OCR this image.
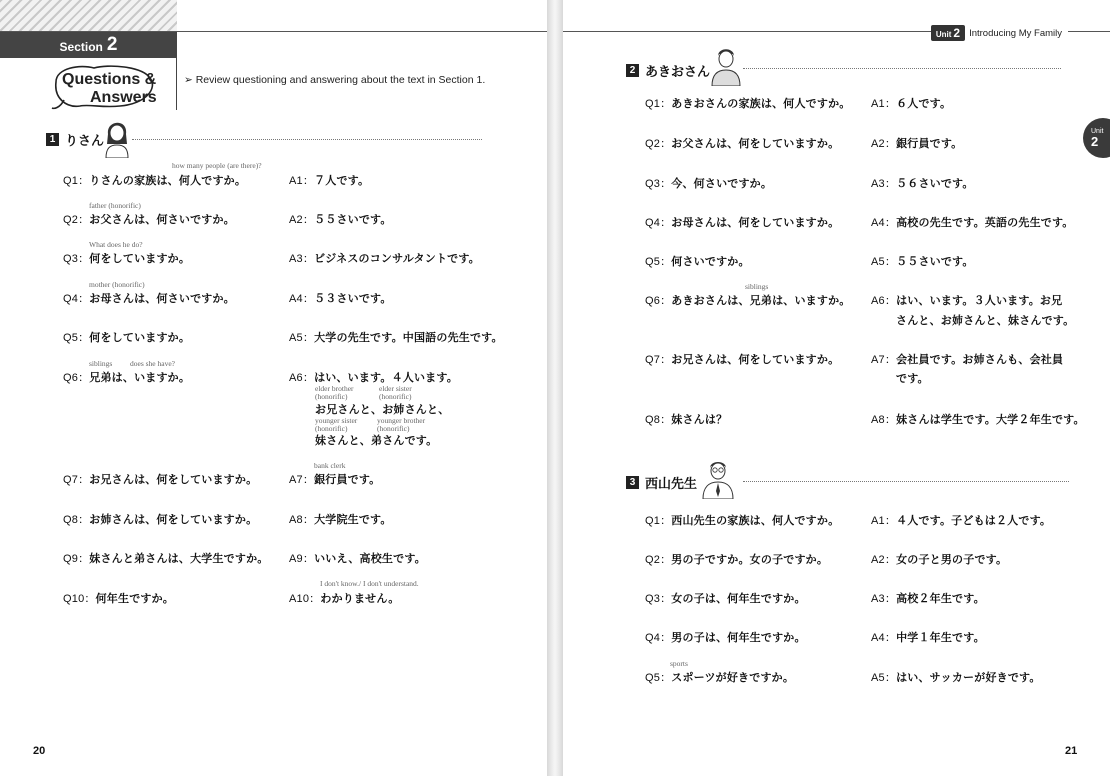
Section 2
Questions &
Answers
➢ Review questioning and answering about the text in Section 1.
1 りさん
how many people (are there)?
Q1：りさんの家族は、何人ですか。	A1：７人です。
father (honorific)
Q2：お父さんは、何さいですか。	A2：５５さいです。
What does he do?
Q3：何をしていますか。	A3：ビジネスのコンサルタントです。
mother (honorific)
Q4：お母さんは、何さいですか。	A4：５３さいです。
Q5：何をしていますか。	A5：大学の先生です。中国語の先生です。
siblings does she have?
Q6：兄弟は、いますか。	A6：はい、います。４人います。
elder brother
(honorific)
elder sister
(honorific)
お兄さんと、お姉さんと、
younger sister
(honorific)
younger brother
(honorific)
妹さんと、弟さんです。
bank clerk
Q7：お兄さんは、何をしていますか。	A7：銀行員です。
Q8：お姉さんは、何をしていますか。	A8：大学院生です。
Q9：妹さんと弟さんは、大学生ですか。 A9：いいえ、高校生です。
I don't know./ I don't understand.
Q10：何年生ですか。	A10：わかりません。
20
Unit 2 Introducing My Family
Unit
2
2 あきおさん
Q1：あきおさんの家族は、何人ですか。 A1：６人です。
Q2：お父さんは、何をしていますか。	A2：銀行員です。
Q3：今、何さいですか。	A3：５６さいです。
Q4：お母さんは、何をしていますか。	A4：高校の先生です。英語の先生です。
Q5：何さいですか。	A5：５５さいです。
siblings
Q6：あきおさんは、兄弟は、いますか。 A6：はい、います。３人います。お兄
さんと、お姉さんと、妹さんです。
Q7：お兄さんは、何をしていますか。	A7：会社員です。お姉さんも、会社員
です。
Q8：妹さんは？	A8：妹さんは学生です。大学２年生です。
3 西山先生
Q1：西山先生の家族は、何人ですか。	A1：４人です。子どもは２人です。
Q2：男の子ですか。女の子ですか。	A2：女の子と男の子です。
Q3：女の子は、何年生ですか。	A3：高校２年生です。
Q4：男の子は、何年生ですか。	A4：中学１年生です。
sports
Q5：スポーツが好きですか。	A5：はい、サッカーが好きです。
21
